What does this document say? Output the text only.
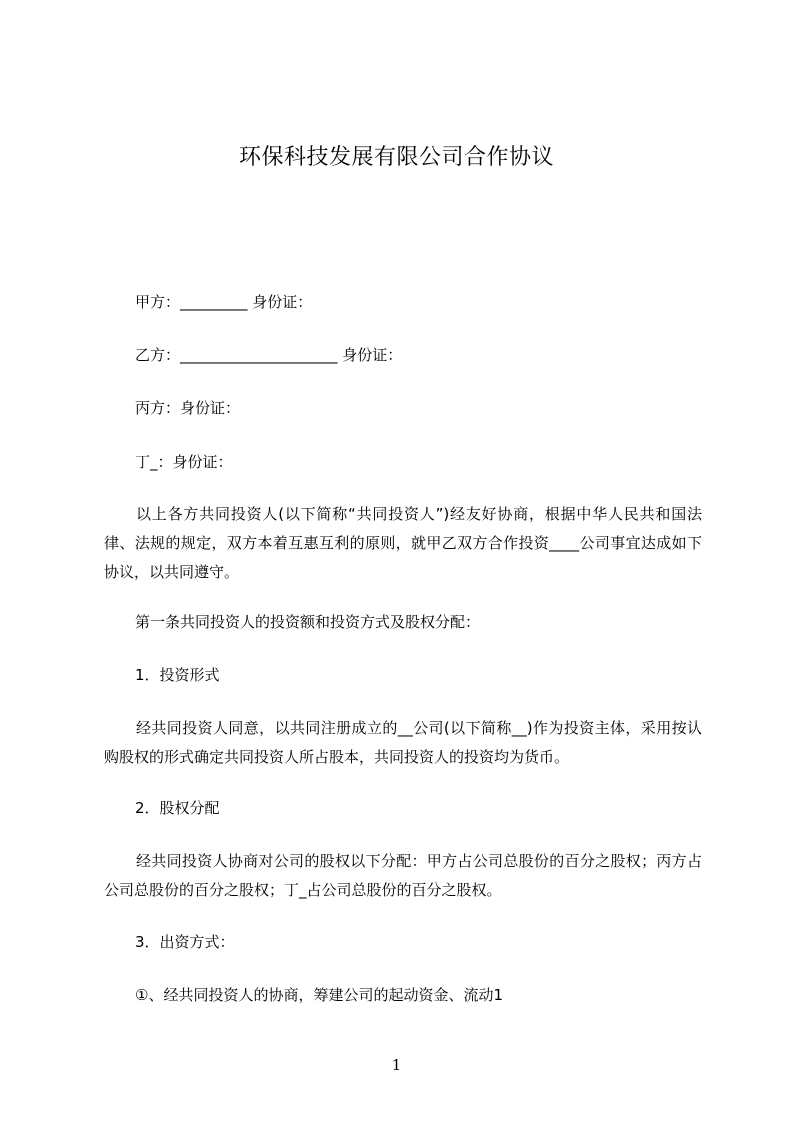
环保科技发展有限公司合作协议
甲方：_________ 身份证：
乙方：_____________________ 身份证：
丙方：身份证：
丁_：身份证：
以上各方共同投资人(以下简称“共同投资人”)经友好协商，根据中华人民共和国法律、法规的规定，双方本着互惠互利的原则，就甲乙双方合作投资____公司事宜达成如下协议，以共同遵守。
第一条共同投资人的投资额和投资方式及股权分配：
1．投资形式
经共同投资人同意，以共同注册成立的__公司(以下简称__)作为投资主体，采用按认购股权的形式确定共同投资人所占股本，共同投资人的投资均为货币。
2．股权分配
经共同投资人协商对公司的股权以下分配：甲方占公司总股份的百分之股权；丙方占公司总股份的百分之股权；丁_占公司总股份的百分之股权。
3．出资方式：
①、经共同投资人的协商，筹建公司的起动资金、流动1
1
